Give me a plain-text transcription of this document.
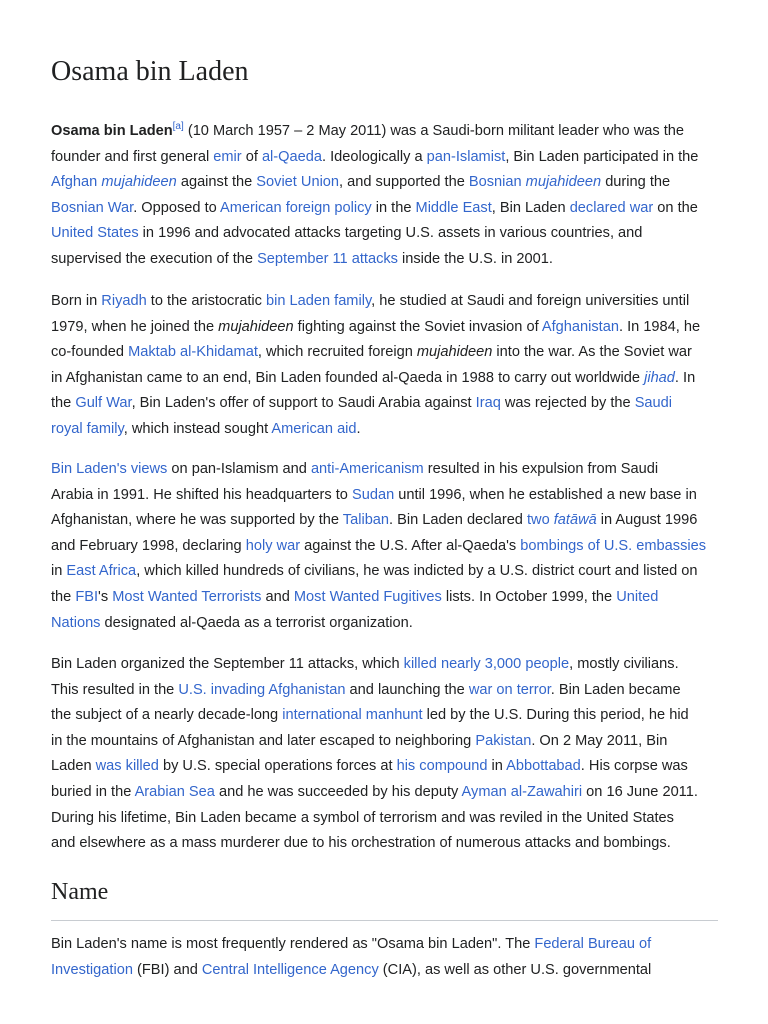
Osama bin Laden
Osama bin Laden[a] (10 March 1957 – 2 May 2011) was a Saudi-born militant leader who was the
founder and first general emir of al-Qaeda. Ideologically a pan-Islamist, Bin Laden participated in the
Afghan mujahideen against the Soviet Union, and supported the Bosnian mujahideen during the
Bosnian War. Opposed to American foreign policy in the Middle East, Bin Laden declared war on the
United States in 1996 and advocated attacks targeting U.S. assets in various countries, and
supervised the execution of the September 11 attacks inside the U.S. in 2001.
Born in Riyadh to the aristocratic bin Laden family, he studied at Saudi and foreign universities until
1979, when he joined the mujahideen fighting against the Soviet invasion of Afghanistan. In 1984, he
co-founded Maktab al-Khidamat, which recruited foreign mujahideen into the war. As the Soviet war
in Afghanistan came to an end, Bin Laden founded al-Qaeda in 1988 to carry out worldwide jihad. In
the Gulf War, Bin Laden's offer of support to Saudi Arabia against Iraq was rejected by the Saudi
royal family, which instead sought American aid.
Bin Laden's views on pan-Islamism and anti-Americanism resulted in his expulsion from Saudi
Arabia in 1991. He shifted his headquarters to Sudan until 1996, when he established a new base in
Afghanistan, where he was supported by the Taliban. Bin Laden declared two fatāwā in August 1996
and February 1998, declaring holy war against the U.S. After al-Qaeda's bombings of U.S. embassies
in East Africa, which killed hundreds of civilians, he was indicted by a U.S. district court and listed on
the FBI's Most Wanted Terrorists and Most Wanted Fugitives lists. In October 1999, the United
Nations designated al-Qaeda as a terrorist organization.
Bin Laden organized the September 11 attacks, which killed nearly 3,000 people, mostly civilians.
This resulted in the U.S. invading Afghanistan and launching the war on terror. Bin Laden became
the subject of a nearly decade-long international manhunt led by the U.S. During this period, he hid
in the mountains of Afghanistan and later escaped to neighboring Pakistan. On 2 May 2011, Bin
Laden was killed by U.S. special operations forces at his compound in Abbottabad. His corpse was
buried in the Arabian Sea and he was succeeded by his deputy Ayman al-Zawahiri on 16 June 2011.
During his lifetime, Bin Laden became a symbol of terrorism and was reviled in the United States
and elsewhere as a mass murderer due to his orchestration of numerous attacks and bombings.
Name
Bin Laden's name is most frequently rendered as "Osama bin Laden". The Federal Bureau of
Investigation (FBI) and Central Intelligence Agency (CIA), as well as other U.S. governmental
